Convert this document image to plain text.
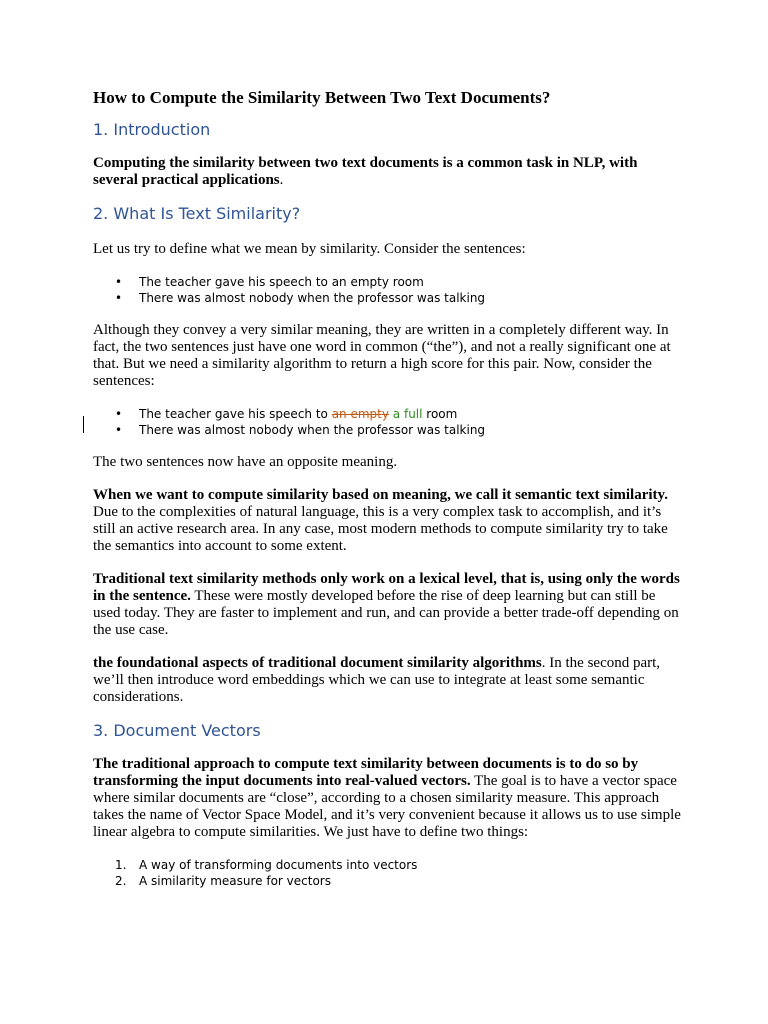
How to Compute the Similarity Between Two Text Documents?
1. Introduction

Computing the similarity between two text documents is a common task in NLP, with several practical applications.

2. What Is Text Similarity?

Let us try to define what we mean by similarity. Consider the sentences:

• The teacher gave his speech to an empty room
• There was almost nobody when the professor was talking

Although they convey a very similar meaning, they are written in a completely different way. In fact, the two sentences just have one word in common (“the”), and not a really significant one at that. But we need a similarity algorithm to return a high score for this pair. Now, consider the sentences:

• The teacher gave his speech to an empty a full room
• There was almost nobody when the professor was talking

The two sentences now have an opposite meaning.

When we want to compute similarity based on meaning, we call it semantic text similarity. Due to the complexities of natural language, this is a very complex task to accomplish, and it’s still an active research area. In any case, most modern methods to compute similarity try to take the semantics into account to some extent.

Traditional text similarity methods only work on a lexical level, that is, using only the words in the sentence. These were mostly developed before the rise of deep learning but can still be used today. They are faster to implement and run, and can provide a better trade-off depending on the use case.

the foundational aspects of traditional document similarity algorithms. In the second part, we’ll then introduce word embeddings which we can use to integrate at least some semantic considerations.

3. Document Vectors

The traditional approach to compute text similarity between documents is to do so by transforming the input documents into real-valued vectors. The goal is to have a vector space where similar documents are “close”, according to a chosen similarity measure. This approach takes the name of Vector Space Model, and it’s very convenient because it allows us to use simple linear algebra to compute similarities. We just have to define two things:

1. A way of transforming documents into vectors
2. A similarity measure for vectors
